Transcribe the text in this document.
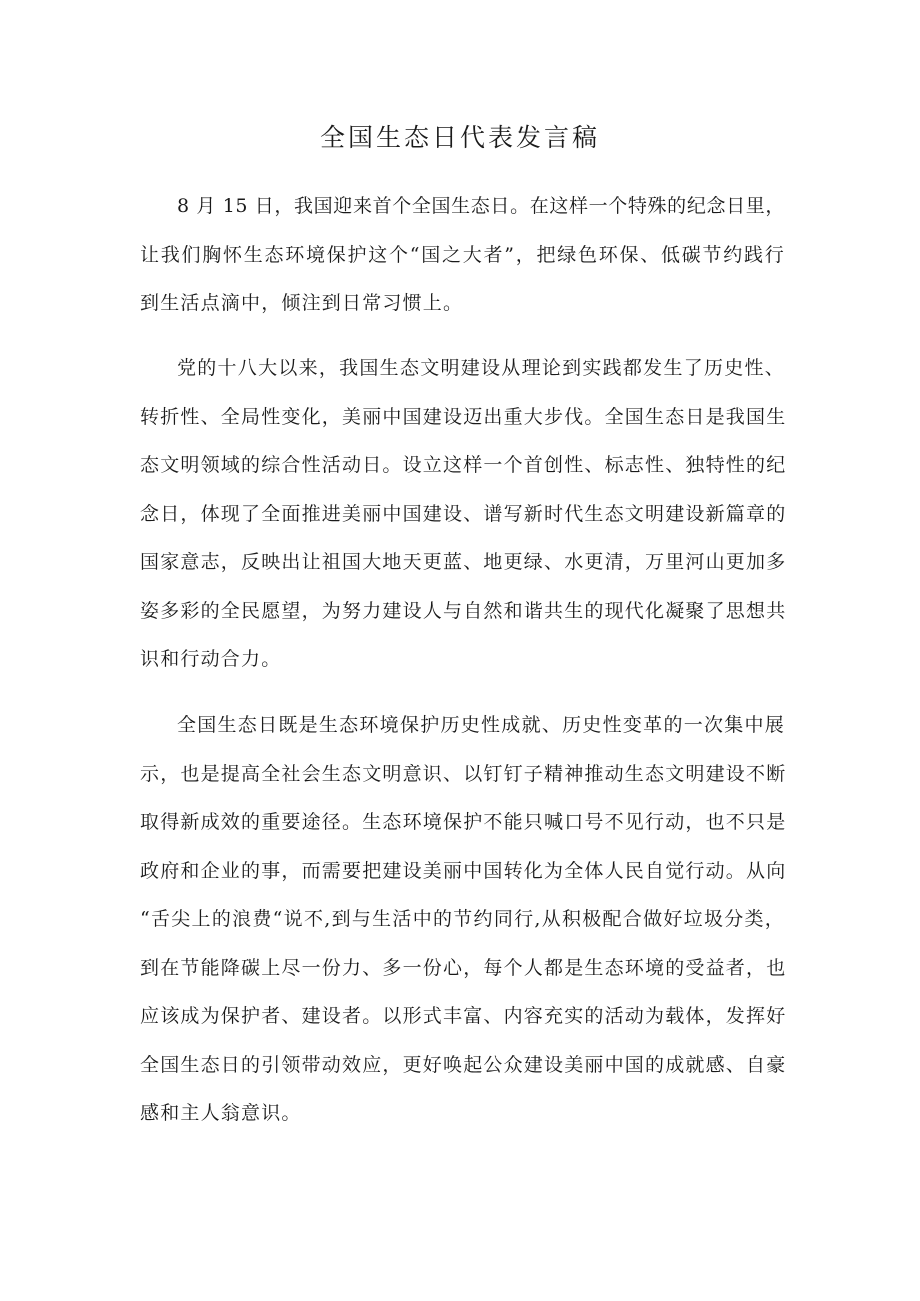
全国生态日代表发言稿

8 月 15 日，我国迎来首个全国生态日。在这样一个特殊的纪念日里，
让我们胸怀生态环境保护这个“国之大者”，把绿色环保、低碳节约践行
到生活点滴中，倾注到日常习惯上。

党的十八大以来，我国生态文明建设从理论到实践都发生了历史性、
转折性、全局性变化，美丽中国建设迈出重大步伐。全国生态日是我国生
态文明领域的综合性活动日。设立这样一个首创性、标志性、独特性的纪
念日，体现了全面推进美丽中国建设、谱写新时代生态文明建设新篇章的
国家意志，反映出让祖国大地天更蓝、地更绿、水更清，万里河山更加多
姿多彩的全民愿望，为努力建设人与自然和谐共生的现代化凝聚了思想共
识和行动合力。

全国生态日既是生态环境保护历史性成就、历史性变革的一次集中展
示，也是提高全社会生态文明意识、以钉钉子精神推动生态文明建设不断
取得新成效的重要途径。生态环境保护不能只喊口号不见行动，也不只是
政府和企业的事，而需要把建设美丽中国转化为全体人民自觉行动。从向
“舌尖上的浪费“说不,到与生活中的节约同行,从积极配合做好垃圾分类，
到在节能降碳上尽一份力、多一份心，每个人都是生态环境的受益者，也
应该成为保护者、建设者。以形式丰富、内容充实的活动为载体，发挥好
全国生态日的引领带动效应，更好唤起公众建设美丽中国的成就感、自豪
感和主人翁意识。
